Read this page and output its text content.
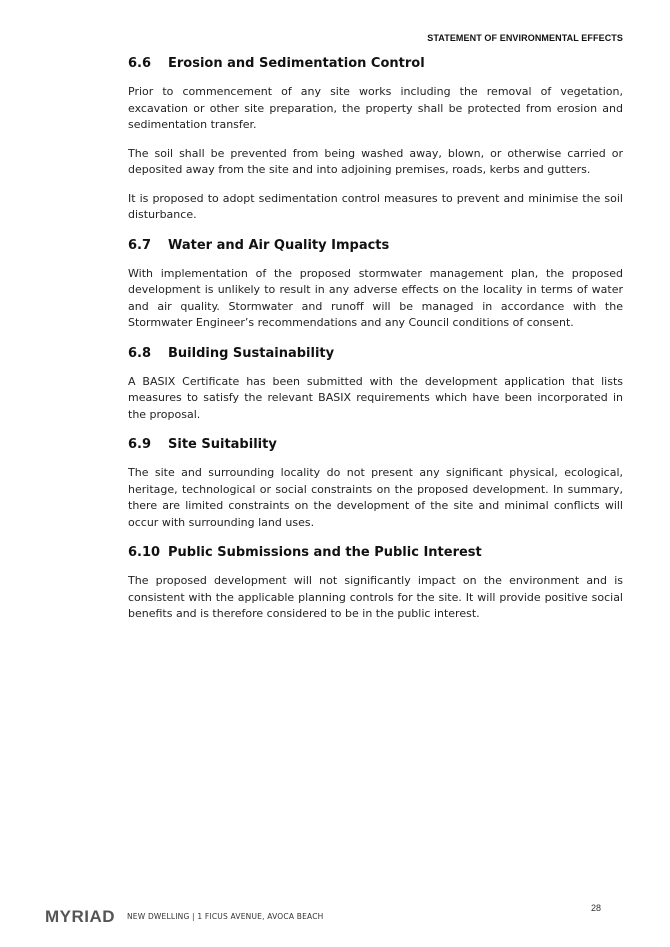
STATEMENT OF ENVIRONMENTAL EFFECTS
6.6 Erosion and Sedimentation Control

Prior to commencement of any site works including the removal of vegetation, excavation or other site preparation, the property shall be protected from erosion and sedimentation transfer.

The soil shall be prevented from being washed away, blown, or otherwise carried or deposited away from the site and into adjoining premises, roads, kerbs and gutters.

It is proposed to adopt sedimentation control measures to prevent and minimise the soil disturbance.

6.7 Water and Air Quality Impacts

With implementation of the proposed stormwater management plan, the proposed development is unlikely to result in any adverse effects on the locality in terms of water and air quality. Stormwater and runoff will be managed in accordance with the Stormwater Engineer’s recommendations and any Council conditions of consent.

6.8 Building Sustainability

A BASIX Certificate has been submitted with the development application that lists measures to satisfy the relevant BASIX requirements which have been incorporated in the proposal.

6.9 Site Suitability

The site and surrounding locality do not present any significant physical, ecological, heritage, technological or social constraints on the proposed development. In summary, there are limited constraints on the development of the site and minimal conflicts will occur with surrounding land uses.

6.10 Public Submissions and the Public Interest

The proposed development will not significantly impact on the environment and is consistent with the applicable planning controls for the site. It will provide positive social benefits and is therefore considered to be in the public interest.

MYRIAD NEW DWELLING | 1 FICUS AVENUE, AVOCA BEACH
28
